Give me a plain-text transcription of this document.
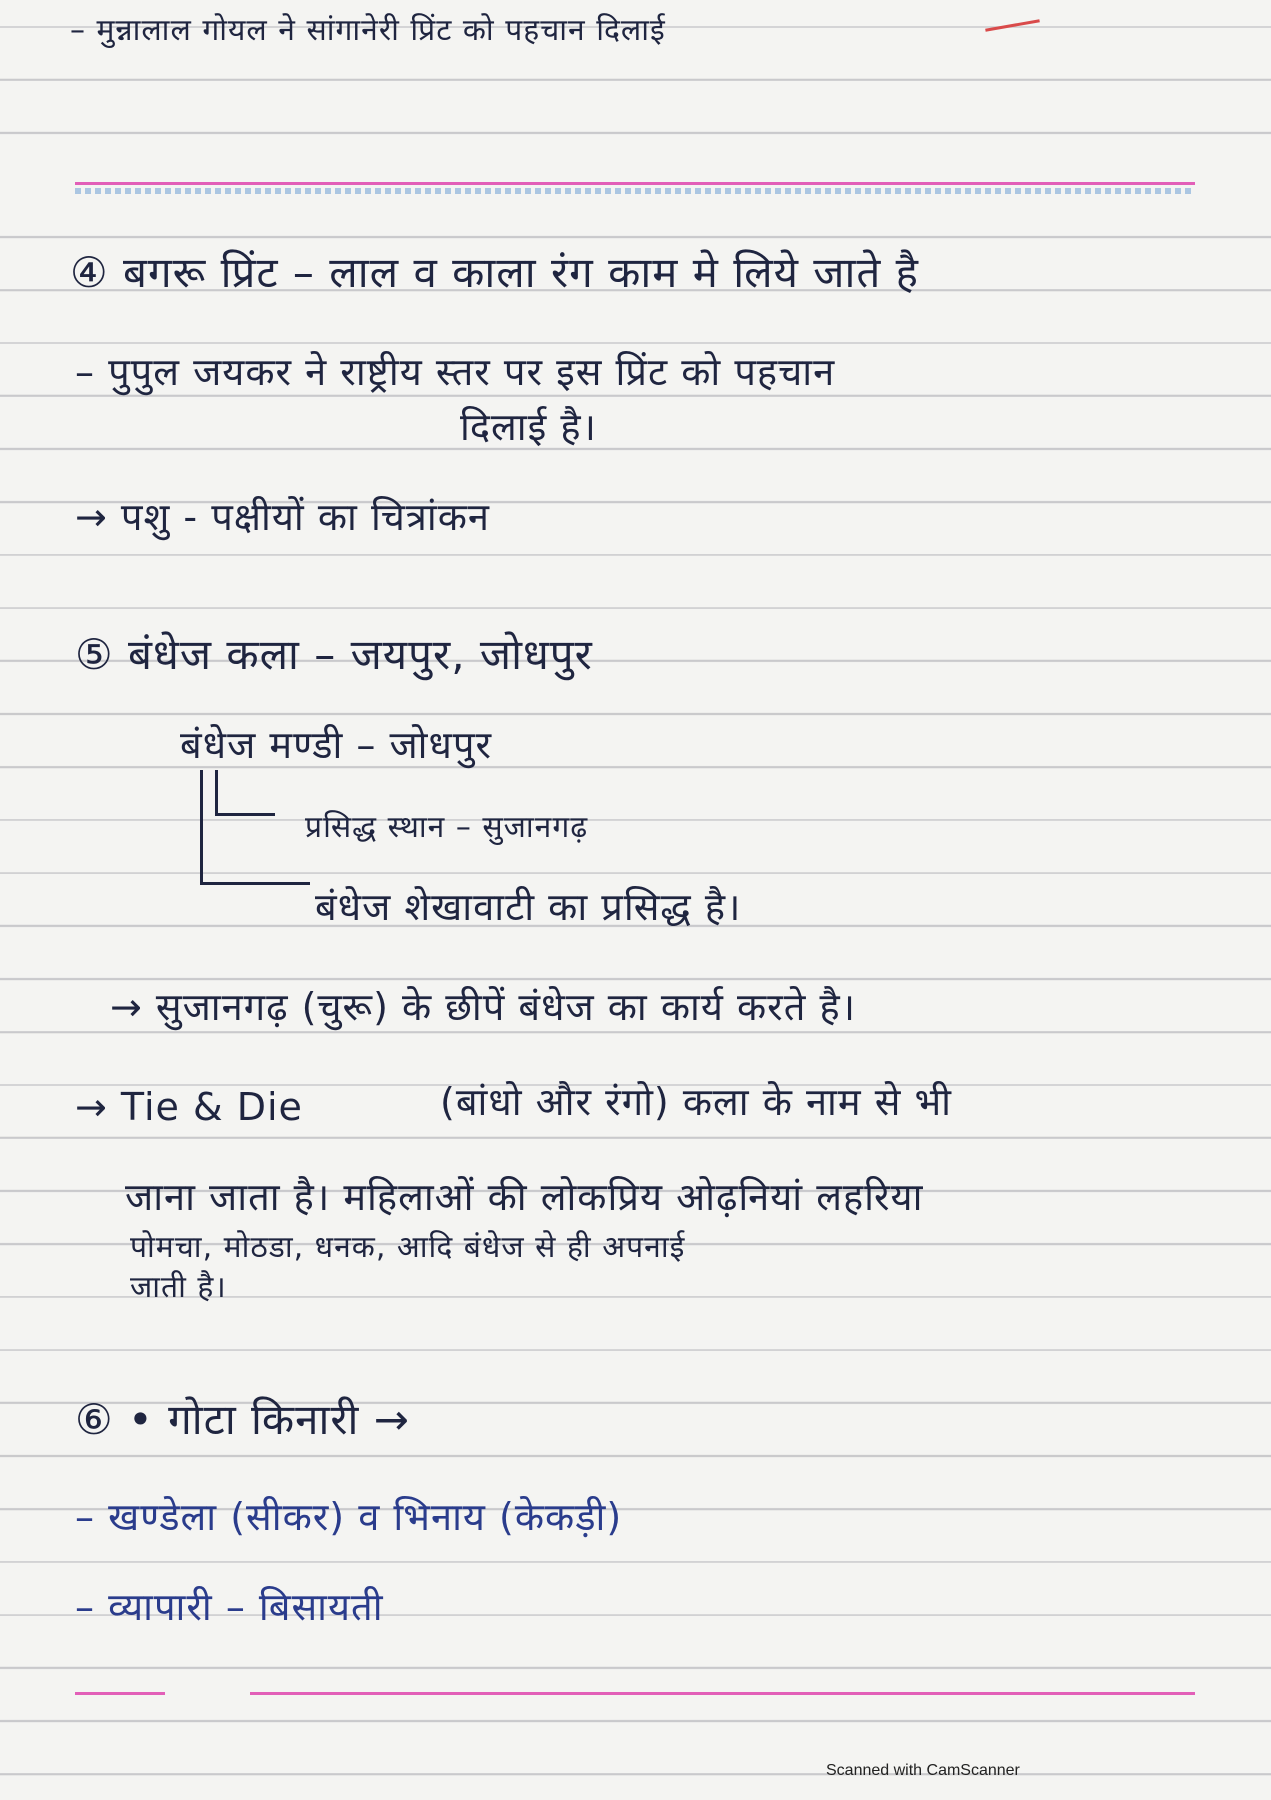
– मुन्नालाल गोयल ने सांगानेरी प्रिंट को पहचान दिलाई
④ बगरू प्रिंट – लाल व काला रंग काम मे लिये जाते है
– पुपुल जयकर ने राष्ट्रीय स्तर पर इस प्रिंट को पहचान
दिलाई है।
→ पशु - पक्षीयों का चित्रांकन
⑤ बंधेज कला – जयपुर, जोधपुर
बंधेज मण्डी – जोधपुर
प्रसिद्ध स्थान – सुजानगढ़
बंधेज शेखावाटी का प्रसिद्ध है।
→ सुजानगढ़ (चुरू) के छीपें बंधेज का कार्य करते है।
→ Tie & Die	(बांधो और रंगो) कला के नाम से भी
जाना जाता है। महिलाओं की लोकप्रिय ओढ़नियां लहरिया
पोमचा, मोठडा, धनक, आदि बंधेज से ही अपनाई
जाती है।
⑥ • गोटा किनारी →
– खण्डेला (सीकर) व भिनाय (केकड़ी)
– व्यापारी – बिसायती
Scanned with CamScanner
